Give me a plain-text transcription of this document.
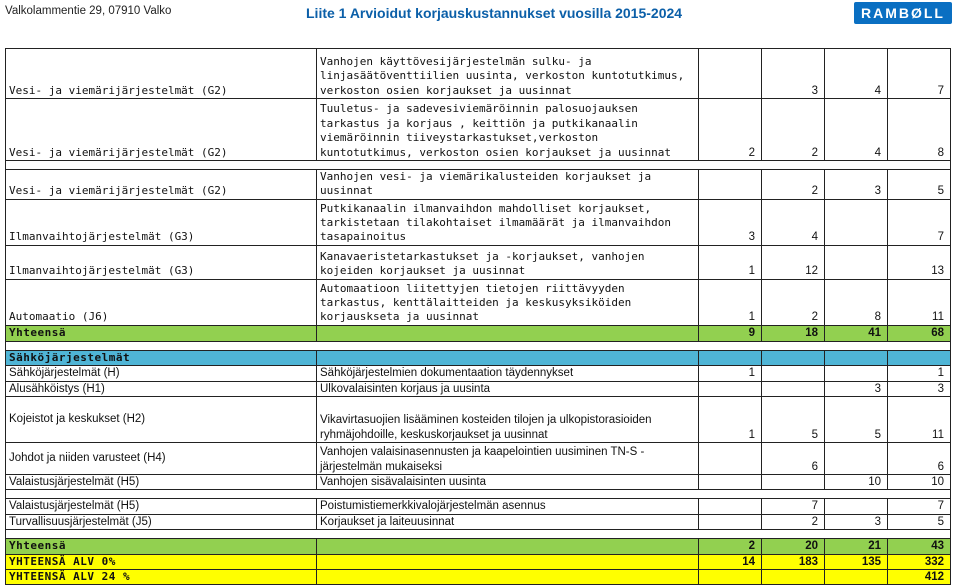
Valkolammentie 29, 07910 Valko	Liite 1 Arvioidut korjauskustannukset vuosilla 2015-2024	RAMBØLL
Vesi- ja viemärijärjestelmät (G2)	Vanhojen käyttövesijärjestelmän sulku- ja linjasäätöventtiilien uusinta, verkoston kuntotutkimus, verkoston osien korjaukset ja uusinnat		3	4	7
Vesi- ja viemärijärjestelmät (G2)	Tuuletus- ja sadevesiviemäröinnin palosuojauksen tarkastus ja korjaus , keittiön ja putkikanaalin viemäröinnin tiiveystarkastukset,verkoston kuntotutkimus, verkoston osien korjaukset ja uusinnat	2	2	4	8

Vesi- ja viemärijärjestelmät (G2)	Vanhojen vesi- ja viemärikalusteiden korjaukset ja uusinnat		2	3	5
Ilmanvaihtojärjestelmät (G3)	Putkikanaalin ilmanvaihdon mahdolliset korjaukset, tarkistetaan tilakohtaiset ilmamäärät ja ilmanvaihdon tasapainoitus	3	4		7
Ilmanvaihtojärjestelmät (G3)	Kanavaeristetarkastukset ja -korjaukset, vanhojen kojeiden korjaukset ja uusinnat	1	12		13
Automaatio (J6)	Automaatioon liitettyjen tietojen riittävyyden tarkastus, kenttälaitteiden ja keskusyksiköiden korjauskseta ja uusinnat	1	2	8	11
Yhteensä		9	18	41	68

Sähköjärjestelmät					
Sähköjärjestelmät (H)	Sähköjärjestelmien dokumentaation täydennykset	1			1
Alusähköistys (H1)	Ulkovalaisinten korjaus ja uusinta			3	3
Kojeistot ja keskukset (H2)	Vikavirtasuojien lisääminen kosteiden tilojen ja ulkopistorasioiden ryhmäjohdoille, keskuskorjaukset ja uusinnat	1	5	5	11
Johdot ja niiden varusteet (H4)	Vanhojen valaisinasennusten ja kaapelointien uusiminen TN-S -järjestelmän mukaiseksi		6		6
Valaistusjärjestelmät (H5)	Vanhojen sisävalaisinten uusinta			10	10

Valaistusjärjestelmät (H5)	Poistumistiemerkkivalojärjestelmän asennus		7		7
Turvallisuusjärjestelmät (J5)	Korjaukset ja laiteuusinnat		2	3	5

Yhteensä		2	20	21	43
YHTEENSÄ ALV 0%		14	183	135	332
YHTEENSÄ ALV 24 %					412
